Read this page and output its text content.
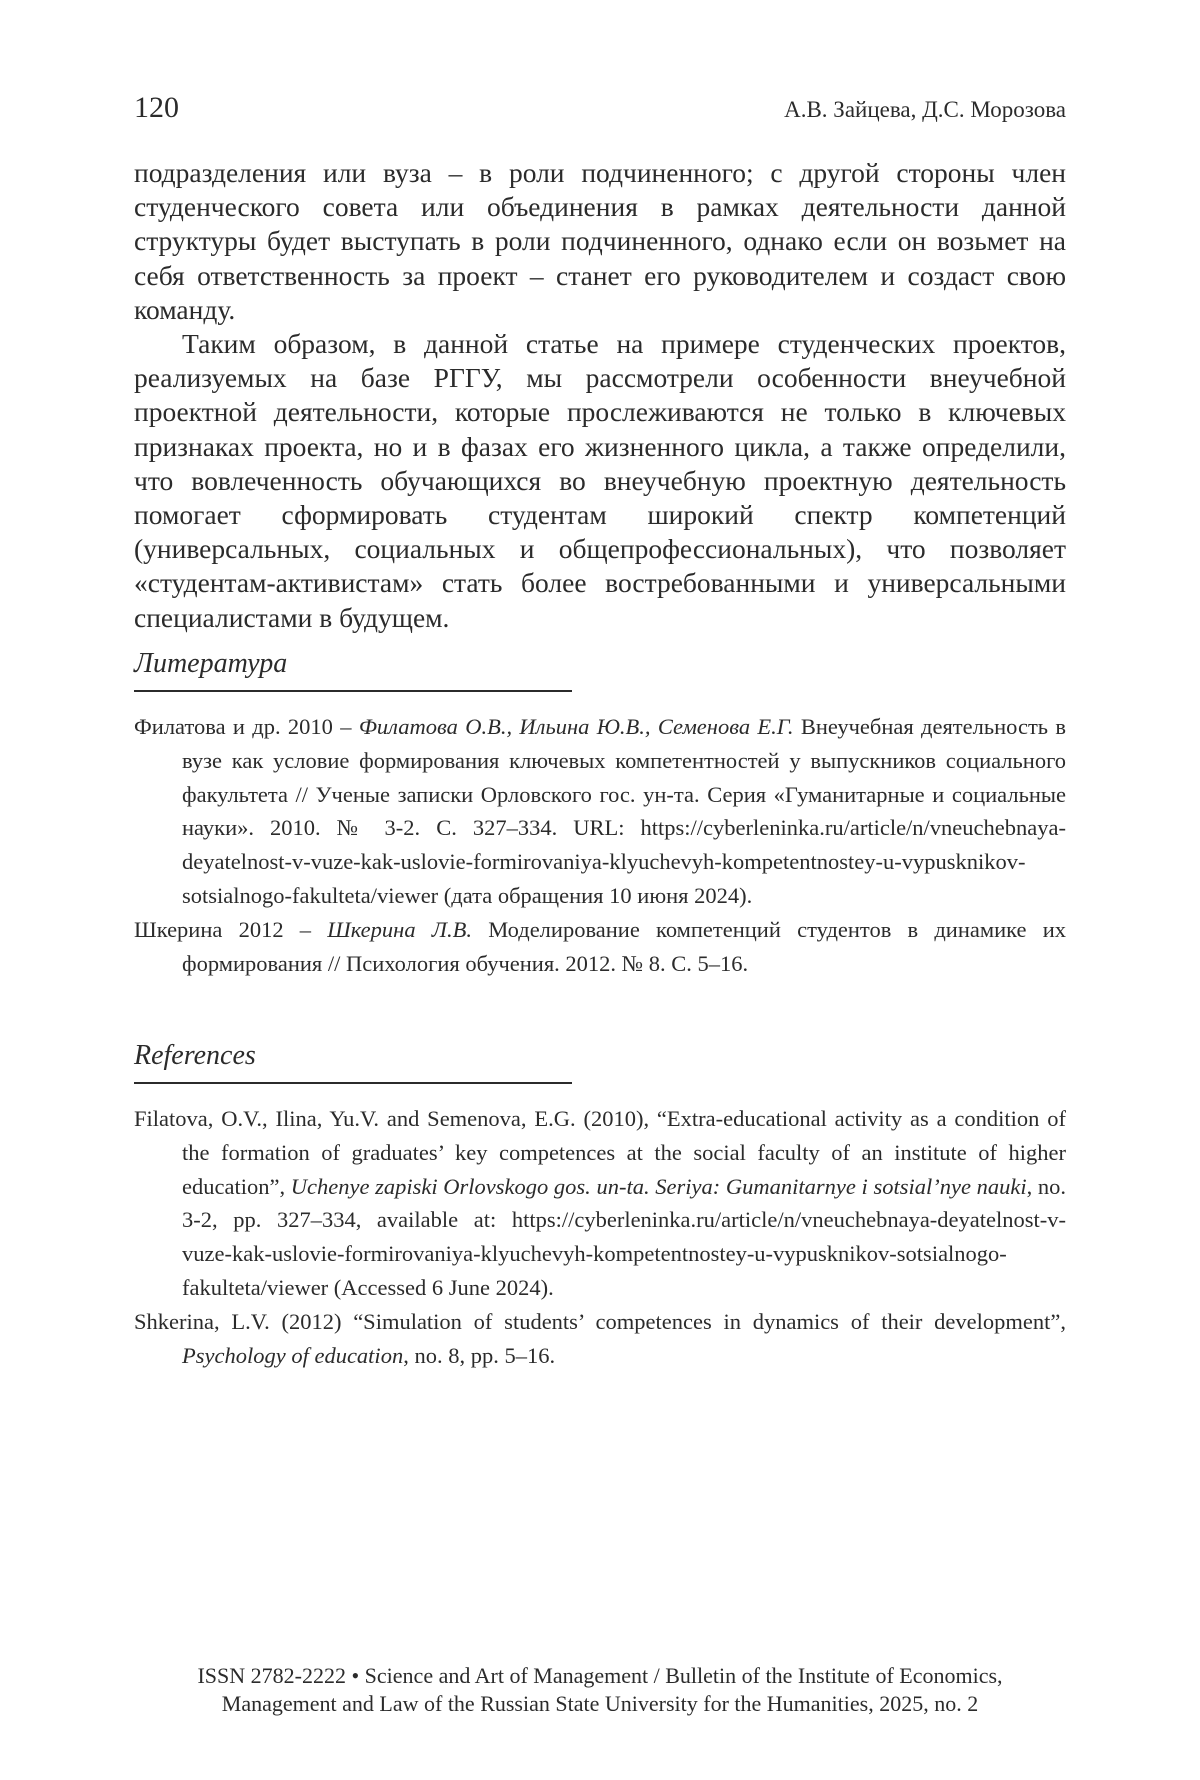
120	А.В. Зайцева, Д.С. Морозова

подразделения или вуза – в роли подчиненного; с другой стороны член студенческого совета или объединения в рамках деятельности данной структуры будет выступать в роли подчиненного, однако если он возьмет на себя ответственность за проект – станет его руководителем и создаст свою команду.

Таким образом, в данной статье на примере студенческих проектов, реализуемых на базе РГГУ, мы рассмотрели особенности внеучебной проектной деятельности, которые прослеживаются не только в ключевых признаках проекта, но и в фазах его жизненного цикла, а также определили, что вовлеченность обучающихся во внеучебную проектную деятельность помогает сформировать студентам широкий спектр компетенций (универсальных, социальных и общепрофессиональных), что позволяет «студентам-активистам» стать более востребованными и универсальными специалистами в будущем.

Литература

Филатова и др. 2010 – Филатова О.В., Ильина Ю.В., Семенова Е.Г. Внеучебная деятельность в вузе как условие формирования ключевых компетентностей у выпускников социального факультета // Ученые записки Орловского гос. ун-та. Серия «Гуманитарные и социальные науки». 2010. № 3-2. С. 327–334. URL: https://cyberleninka.ru/article/n/vneuchebnaya-deyatelnost-v-vuze-kak-uslovie-formirovaniya-klyuchevyh-kompetentnostey-u-vypusknikov-sotsialnogo-fakulteta/viewer (дата обращения 10 июня 2024).

Шкерина 2012 – Шкерина Л.В. Моделирование компетенций студентов в динамике их формирования // Психология обучения. 2012. № 8. С. 5–16.

References

Filatova, O.V., Ilina, Yu.V. and Semenova, E.G. (2010), “Extra-educational activity as a condition of the formation of graduates’ key competences at the social faculty of an institute of higher education”, Uchenye zapiski Orlovskogo gos. un-ta. Seriya: Gumanitarnye i sotsial’nye nauki, no. 3-2, pp. 327–334, available at: https://cyberleninka.ru/article/n/vneuchebnaya-deyatelnost-v-vuze-kak-uslovie-formirovaniya-klyuchevyh-kompetentnostey-u-vypusknikov-sotsialnogo-fakulteta/viewer (Accessed 6 June 2024).

Shkerina, L.V. (2012) “Simulation of students’ competences in dynamics of their development”, Psychology of education, no. 8, pp. 5–16.

ISSN 2782-2222 • Science and Art of Management / Bulletin of the Institute of Economics,
Management and Law of the Russian State University for the Humanities, 2025, no. 2
